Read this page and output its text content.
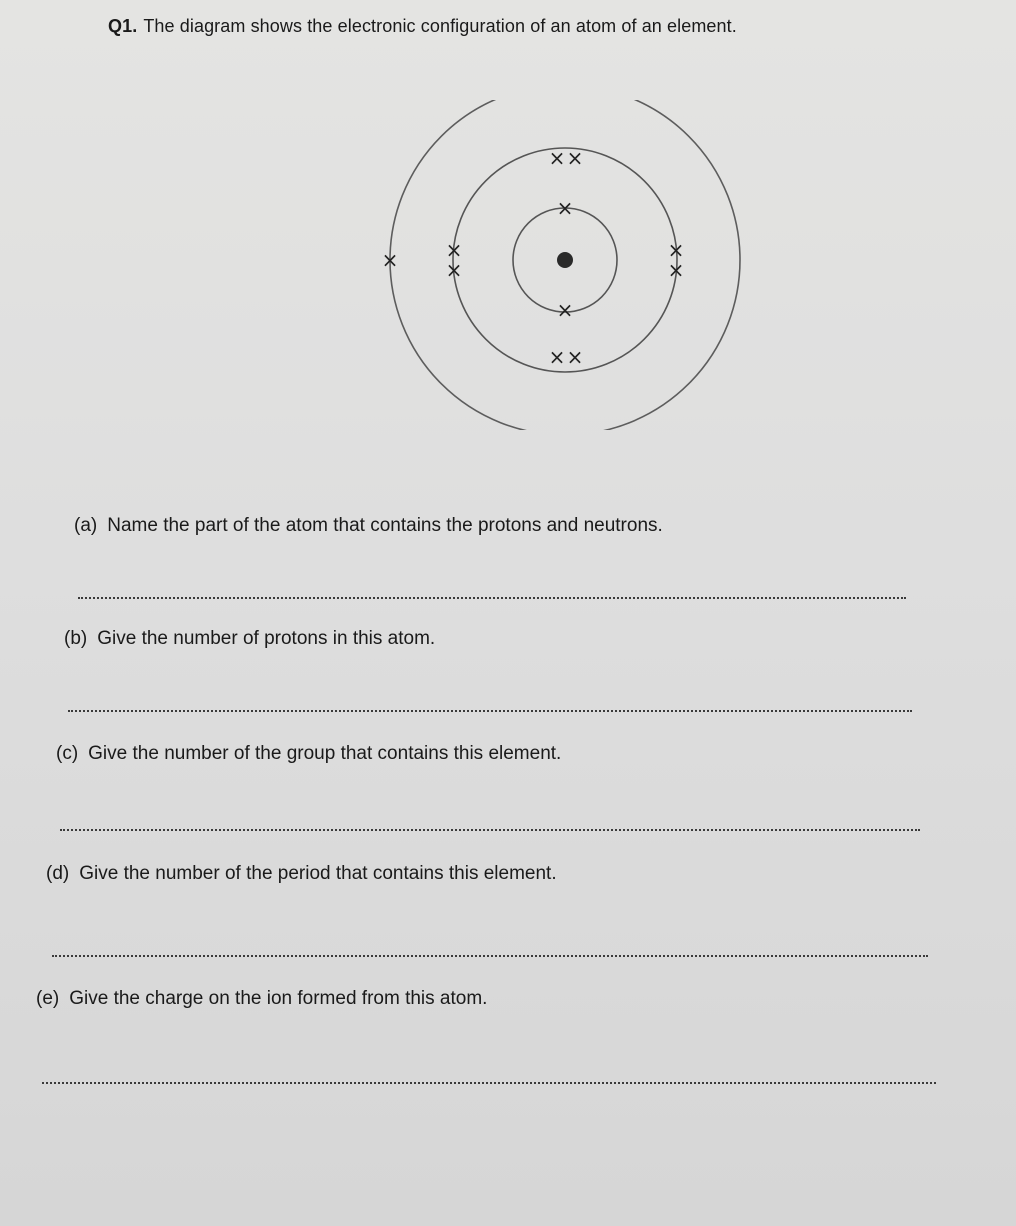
Q1. The diagram shows the electronic configuration of an atom of an element.
×
×
× ×
×
×
×
×
× ×
×
(a) Name the part of the atom that contains the protons and neutrons.
(b) Give the number of protons in this atom.
(c) Give the number of the group that contains this element.
(d) Give the number of the period that contains this element.
(e) Give the charge on the ion formed from this atom.
